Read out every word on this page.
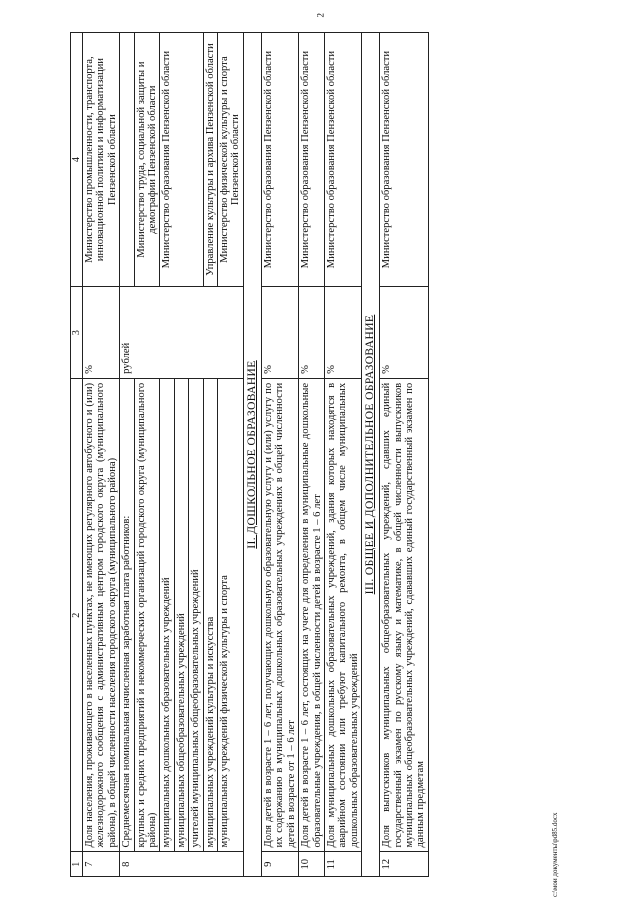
2
1	2	3	4
7	Доля населения, проживающего в населенных пунктах, не имеющих регулярного автобусного и (или) железнодорожного сообщения с административным центром городского округа (муниципального района), в общей численности населения городского округа (муниципального района)	%	Министерство промышленности, транспорта, инновационной политики и информатизации Пензенской области
8	Среднемесячная номинальная начисленная заработная плата работников:	рублей	
	крупных и средних предприятий и некоммерческих организаций городского округа (муниципального района)		Министерство труда, социальной защиты и демографии Пензенской области
	муниципальных дошкольных образовательных учреждений		Министерство образования Пензенской области
	муниципальных общеобразовательных учреждений		
	учителей муниципальных общеобразовательных учреждений		
	муниципальных учреждений культуры и искусства		Управление культуры и архива Пензенской области
	муниципальных учреждений физической культуры и спорта		Министерство физической культуры и спорта Пензенской области
II. ДОШКОЛЬНОЕ ОБРАЗОВАНИЕ			
9	Доля детей в возрасте 1 – 6 лет, получающих дошкольную образовательную услугу и (или) услугу по их содержанию в муниципальных дошкольных образовательных учреждениях в общей численности детей в возрасте от 1 – 6 лет	%	Министерство образования Пензенской области
10	Доля детей в возрасте 1 – 6 лет, состоящих на учете для определения в муниципальные дошкольные образовательные учреждения, в общей численности детей в возрасте 1 – 6 лет	%	Министерство образования Пензенской области
11	Доля муниципальных дошкольных образовательных учреждений, здания которых находятся в аварийном состоянии или требуют капитального ремонта, в общем числе муниципальных дошкольных образовательных учреждений	%	Министерство образования Пензенской области
III. ОБЩЕЕ И ДОПОЛНИТЕЛЬНОЕ ОБРАЗОВАНИЕ			
12	Доля выпускников муниципальных общеобразовательных учреждений, сдавших единый государственный экзамен по русскому языку и математике, в общей численности выпускников муниципальных общеобразовательных учреждений, сдававших единый государственный экзамен по данным предметам	%	Министерство образования Пензенской области
c:\мои документы\pd85.docx
